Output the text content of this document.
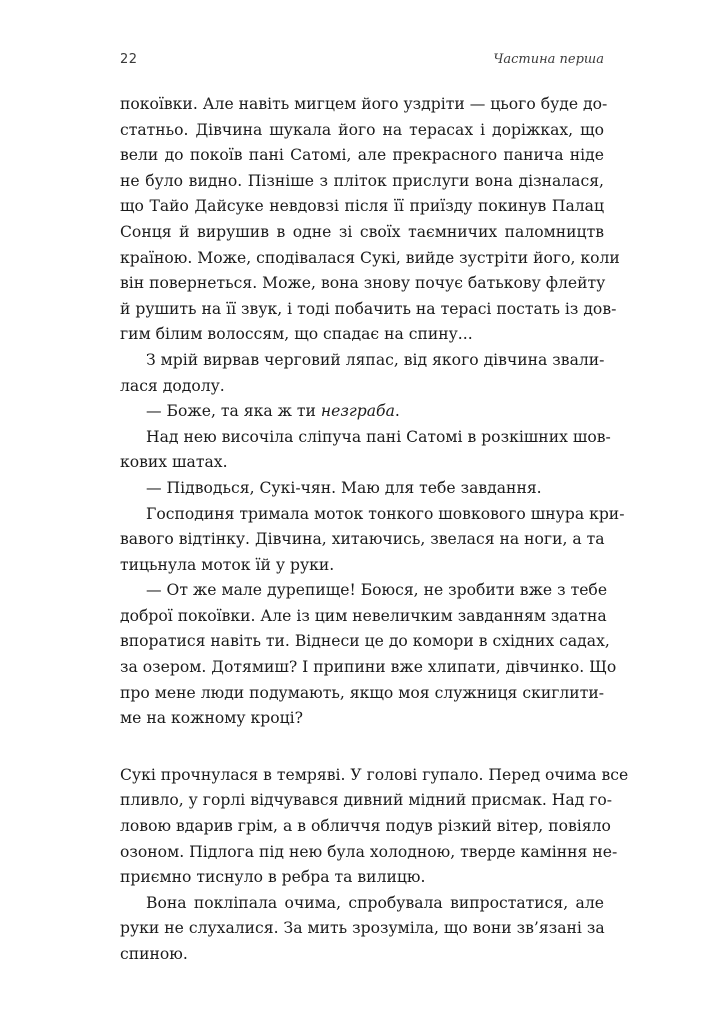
22	Частина перша
покоївки. Але навіть мигцем його уздріти — цього буде до-
статньо. Дівчина шукала його на терасах і доріжках, що
вели до покоїв пані Сатомі, але прекрасного панича ніде
не було видно. Пізніше з пліток прислуги вона дізналася,
що Тайо Дайсуке невдовзі після її приїзду покинув Палац
Сонця й вирушив в одне зі своїх таємничих паломництв
країною. Може, сподівалася Сукі, вийде зустріти його, коли
він повернеться. Може, вона знову почує батькову флейту
й рушить на її звук, і тоді побачить на терасі постать із дов-
гим білим волоссям, що спадає на спину...
З мрій вирвав черговий ляпас, від якого дівчина звали-
лася додолу.
— Боже, та яка ж ти незграба.
Над нею височіла сліпуча пані Сатомі в розкішних шов-
кових шатах.
— Підводься, Сукі-чян. Маю для тебе завдання.
Господиня тримала моток тонкого шовкового шнура кри-
вавого відтінку. Дівчина, хитаючись, звелася на ноги, а та
тицьнула моток їй у руки.
— От же мале дурепище! Боюся, не зробити вже з тебе
доброї покоївки. Але із цим невеличким завданням здатна
впоратися навіть ти. Віднеси це до комори в східних садах,
за озером. Дотямиш? І припини вже хлипати, дівчинко. Що
про мене люди подумають, якщо моя служниця скиглити-
ме на кожному кроці?
Сукі прочнулася в темряві. У голові гупало. Перед очима все
пливло, у горлі відчувався дивний мідний присмак. Над го-
ловою вдарив грім, а в обличчя подув різкий вітер, повіяло
озоном. Підлога під нею була холодною, тверде каміння не-
приємно тиснуло в ребра та вилицю.
Вона покліпала очима, спробувала випростатися, але
руки не слухалися. За мить зрозуміла, що вони зв’язані за
спиною.
